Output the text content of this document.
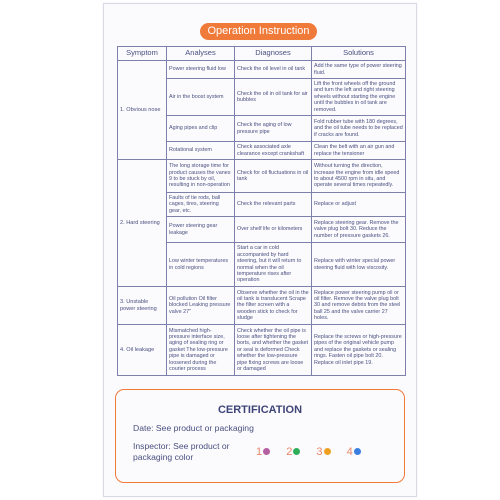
Operation Instruction
Symptom	Analyses	Diagnoses	Solutions
1. Obvious nose	Power steering fluid low	Check the oil level in oil tank	Add the same type of power steering fluid.
	Air in the boost system	Check the oil in oil tank for air bubbles	Lift the front wheels off the ground and turn the left and right steering wheels without starting the engine until the bubbles in oil tank are removed.
	Aging pipes and clip	Check the aging of low pressure pipe	Fold rubber tube with 180 degrees, and the oil tube needs to be replaced if cracks are found.
	Rotational system	Check associated axle clearance except crankshaft	Clean the belt with an air gun and replace the tensioner
2. Hard steering	The long storage time for product causes the vanes 9 to be stuck by oil, resulting in non-operation	Check for oil fluctuations in oil tank	Without turning the direction, increase the engine from idle speed to about 4500 rpm in situ, and operate several times repeatedly.
	Faults of tie rods, ball cages, tires, steering gear, etc.	Check the relevant parts	Replace or adjust
	Power steering gear leakage	Over shelf life or kilometers	Replace steering gear. Remove the valve plug bolt 30. Reduce the number of pressure gaskets 26.
	Low winter temperatures in cold regions	Start a car in cold accompanied by hard steering, but it will return to normal when the oil temperature rises after operation	Replace with winter special power steering fluid with low viscosity.
3. Unstable power steering	Oil pollution Oil filter blocked Leaking pressure valve 27"	Observe whether the oil in the oil tank is translucent Scrape the filter screen with a wooden stick to check for sludge	Replace power steering pump oil or oil filter. Remove the valve plug bolt 30 and remove debris from the steel ball 25 and the valve carrier 27 holes.
4. Oil leakage	Mismatched high-pressure interface size, aging of sealing ring or gasket The low-pressure pipe is damaged or loosened during the courier process	Check whether the oil pipe is loose after tightening the borts, and whether the gasket or seal is deformed Check whether the low-pressure pipe fixing screws are loose or damaged	Replace the screws or high-pressure pipes of the original vehicle pump and replace the gaskets or sealing rings. Fasten oil pipe bolt 20. Replace oil inlet pipe 19.
CERTIFICATION
Date: See product or packaging
Inspector: See product or packaging color	1 2 3 4
